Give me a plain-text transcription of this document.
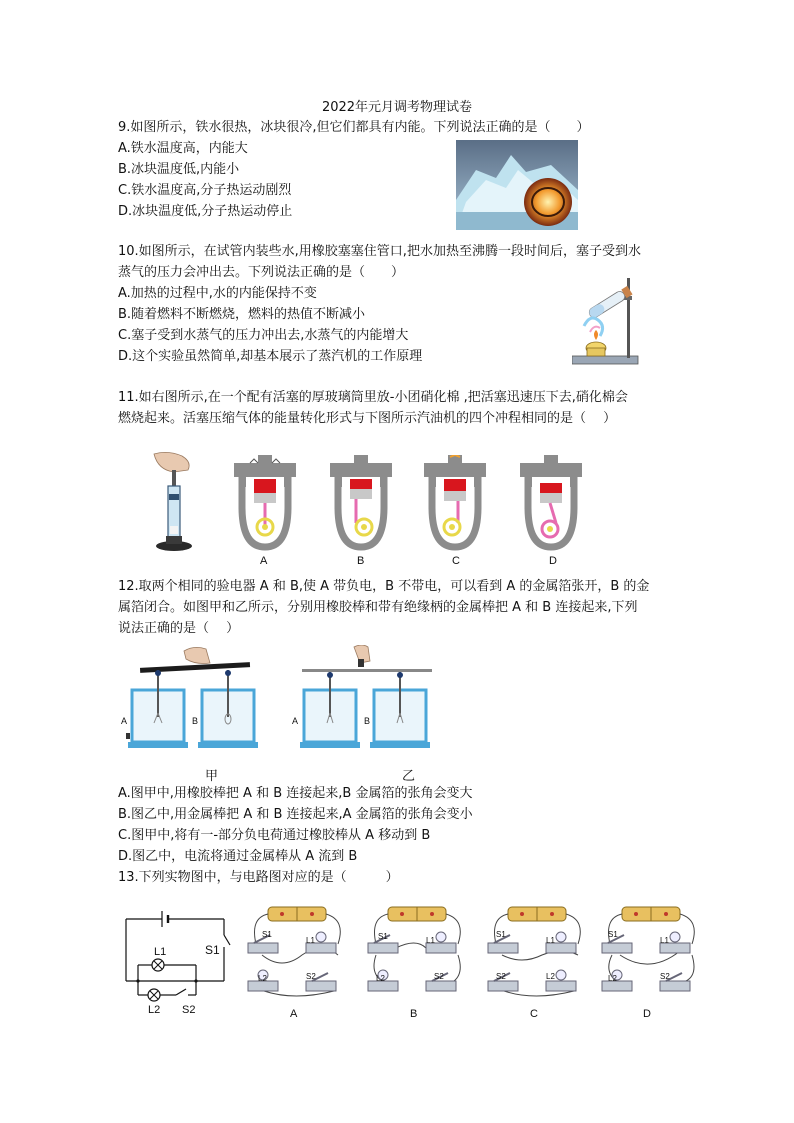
2022年元月调考物理试卷
9.如图所示，铁水很热，冰块很冷,但它们都具有内能。下列说法正确的是（　　）
A.铁水温度高，内能大
B.冰块温度低,内能小
C.铁水温度高,分子热运动剧烈
D.冰块温度低,分子热运动停止
10.如图所示，在试管内装些水,用橡胶塞塞住管口,把水加热至沸腾一段时间后，塞子受到水
蒸气的压力会冲出去。下列说法正确的是（　　）
A.加热的过程中,水的内能保持不变
B.随着燃料不断燃烧，燃料的热值不断减小
C.塞子受到水蒸气的压力冲出去,水蒸气的内能增大
D.这个实验虽然简单,却基本展示了蒸汽机的工作原理
11.如右图所示,在一个配有活塞的厚玻璃筒里放-小团硝化棉 ,把活塞迅速压下去,硝化棉会
燃烧起来。活塞压缩气体的能量转化形式与下图所示汽油机的四个冲程相同的是（　 ）
A	B	C	D
12.取两个相同的验电器 A 和 B,使 A 带负电，B 不带电，可以看到 A 的金属箔张开，B 的金
属箔闭合。如图甲和乙所示，分别用橡胶棒和带有绝缘柄的金属棒把 A 和 B 连接起来,下列
说法正确的是（　 ）
A	B	A	B
甲	乙
A.图甲中,用橡胶棒把 A 和 B 连接起来,B 金属箔的张角会变大
B.图乙中,用金属棒把 A 和 B 连接起来,A 金属箔的张角会变小
C.图甲中,将有一-部分负电荷通过橡胶棒从 A 移动到 B
D.图乙中，电流将通过金属棒从 A 流到 B
13.下列实物图中，与电路图对应的是（　　　）
L1	S1
L2 S2
S1
L1
L2	S2
S1	L1
L2	S2
S1
L1
S2	L2
S1
L1
L2	S2
A	B	C	D
